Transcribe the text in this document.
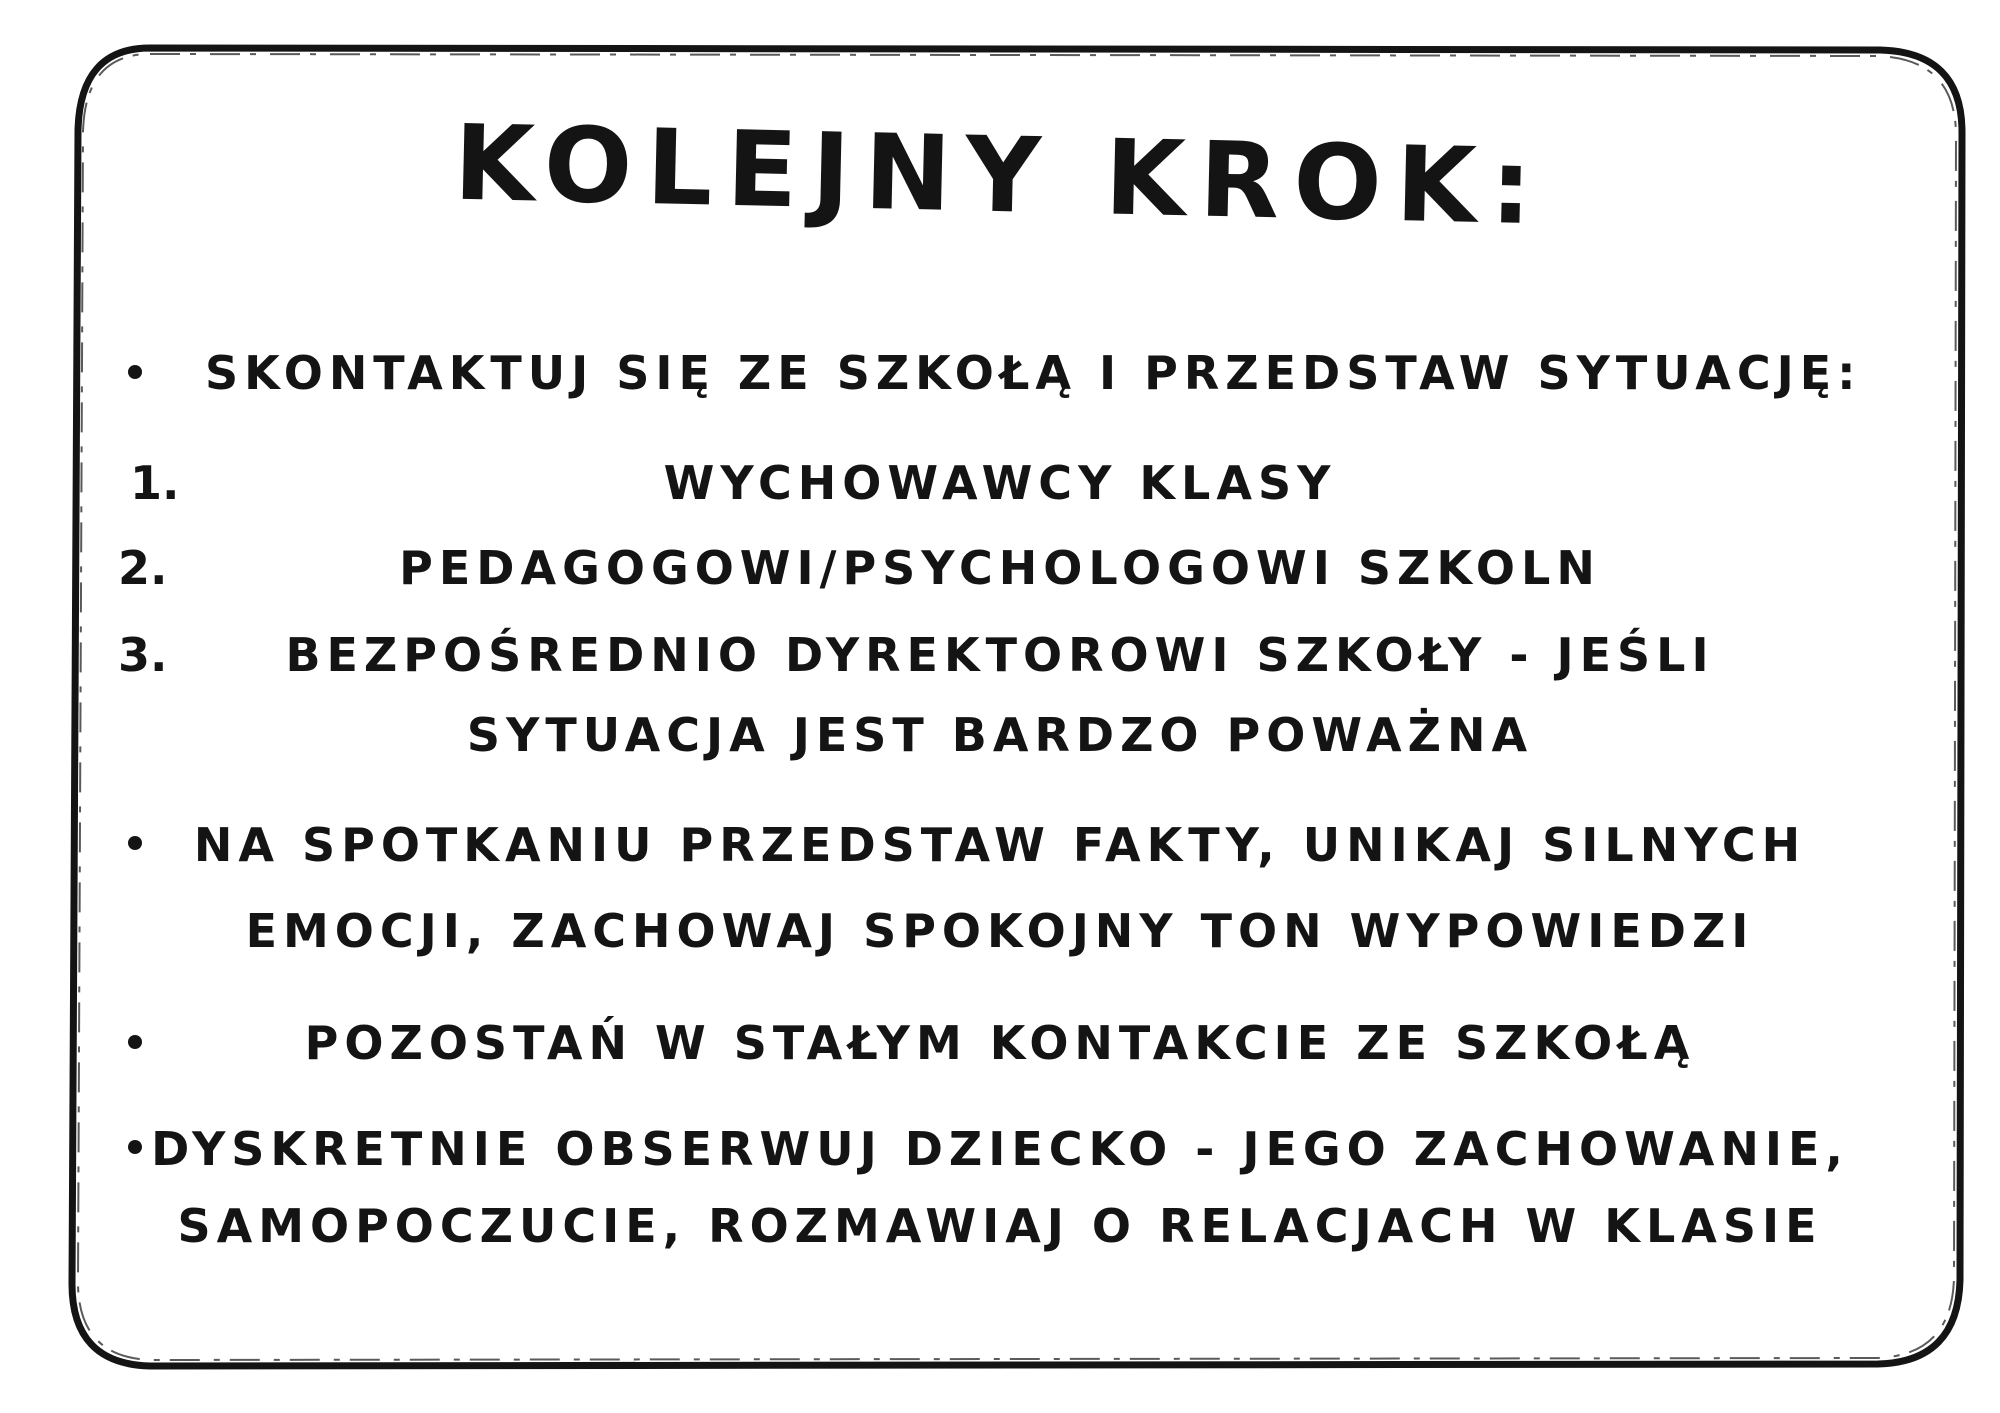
KOLEJNY KROK:
SKONTAKTUJ SIĘ ZE SZKOŁĄ I PRZEDSTAW SYTUACJĘ:
1.	WYCHOWAWCY KLASY
2.	PEDAGOGOWI/PSYCHOLOGOWI SZKOLN
3.	BEZPOŚREDNIO DYREKTOROWI SZKOŁY - JEŚLI
SYTUACJA JEST BARDZO POWAŻNA
NA SPOTKANIU PRZEDSTAW FAKTY, UNIKAJ SILNYCH
EMOCJI, ZACHOWAJ SPOKOJNY TON WYPOWIEDZI
POZOSTAŃ W STAŁYM KONTAKCIE ZE SZKOŁĄ
DYSKRETNIE OBSERWUJ DZIECKO - JEGO ZACHOWANIE,
SAMOPOCZUCIE, ROZMAWIAJ O RELACJACH W KLASIE
